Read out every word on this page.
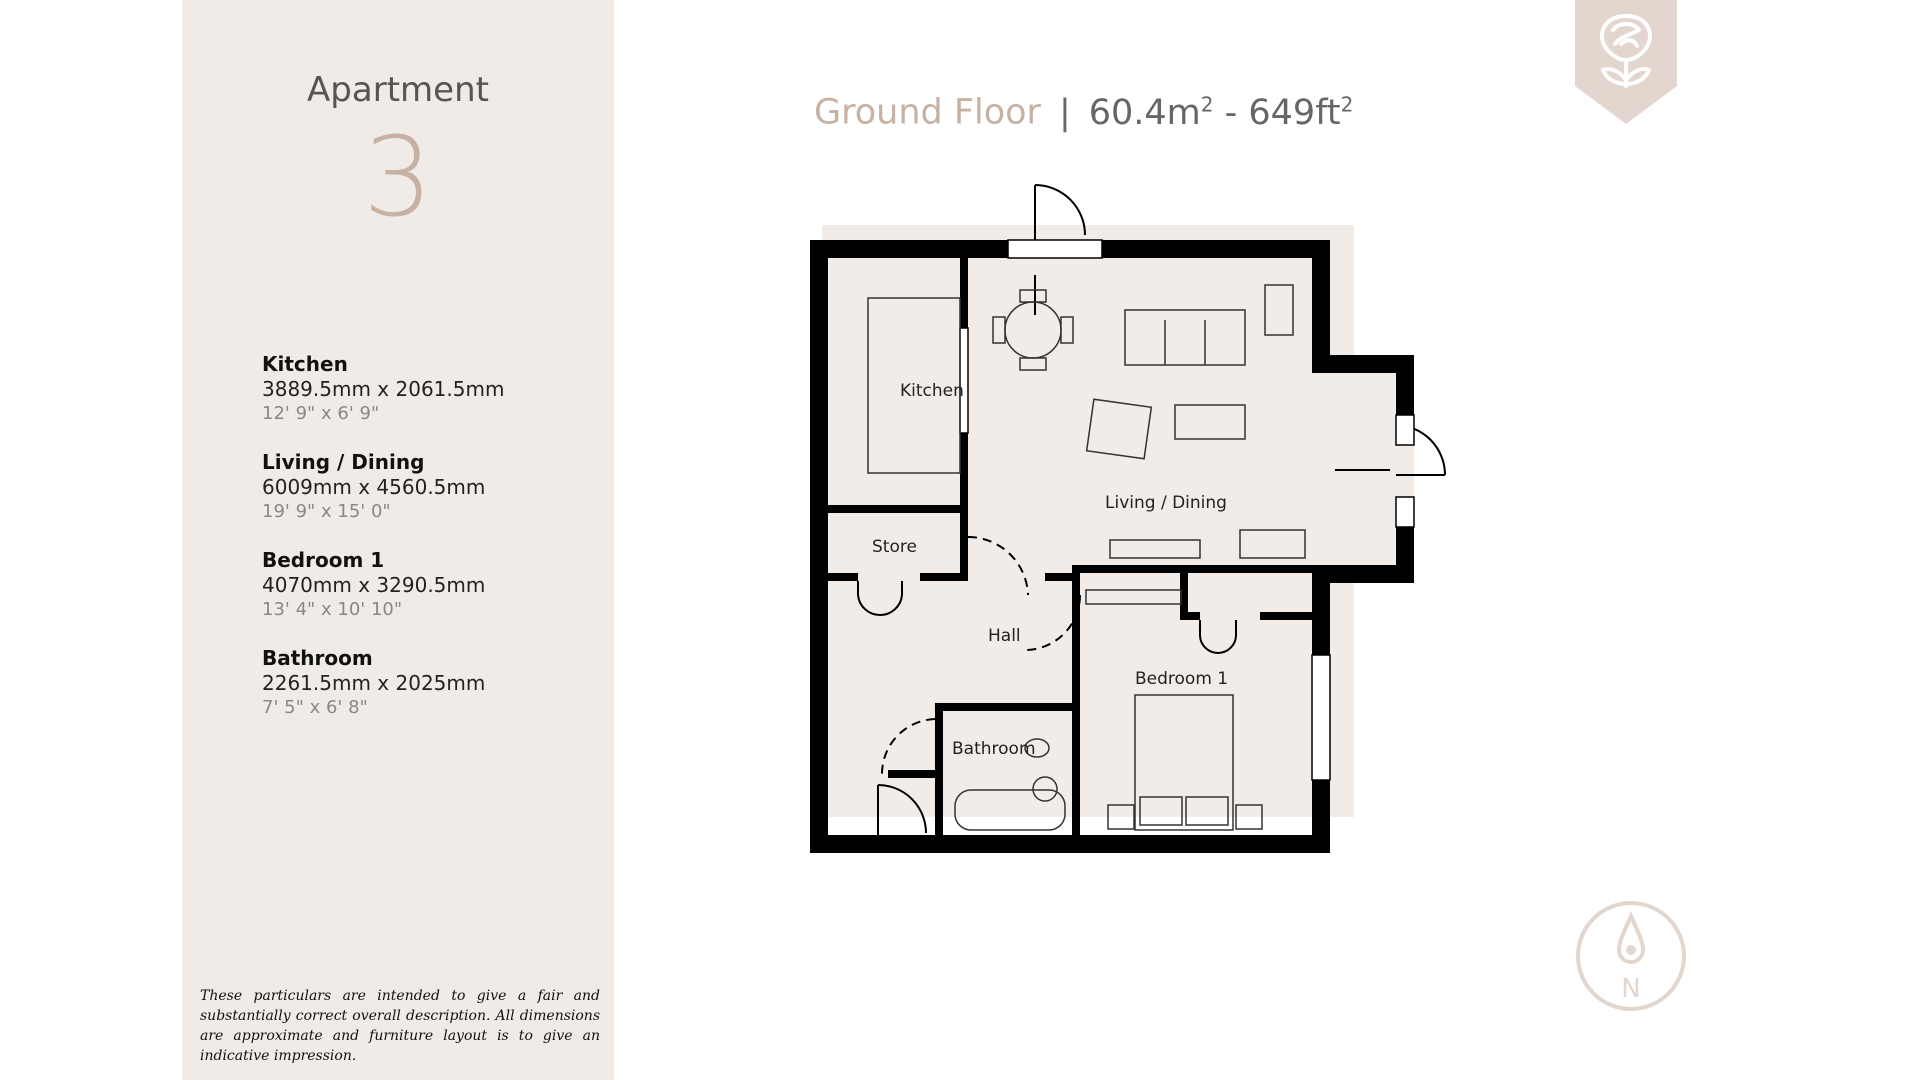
Apartment
3
Kitchen
3889.5mm x 2061.5mm
12' 9" x 6' 9"
Living / Dining
6009mm x 4560.5mm
19' 9" x 15' 0"
Bedroom 1
4070mm x 3290.5mm
13' 4" x 10' 10"
Bathroom
2261.5mm x 2025mm
7' 5" x 6' 8"
These particulars are intended to give a fair and substantially correct overall description. All dimensions are approximate and furniture layout is to give an indicative impression.
Ground Floor | $60.4m^2 - 649ft^2$
N
Kitchen
Living / Dining
Store
Hall
Bathroom
Bedroom 1
